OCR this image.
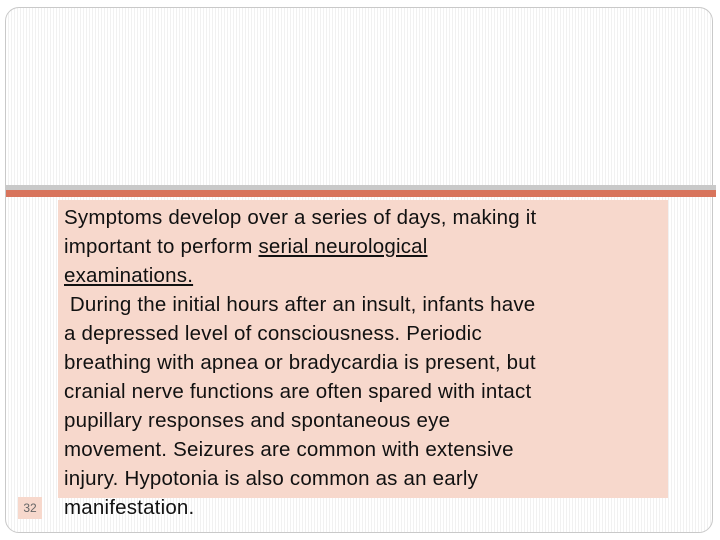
Symptoms develop over a series of days, making it
important to perform serial neurological
examinations.
During the initial hours after an insult, infants have
a depressed level of consciousness. Periodic
breathing with apnea or bradycardia is present, but
cranial nerve functions are often spared with intact
pupillary responses and spontaneous eye
movement. Seizures are common with extensive
injury. Hypotonia is also common as an early
manifestation.

32
